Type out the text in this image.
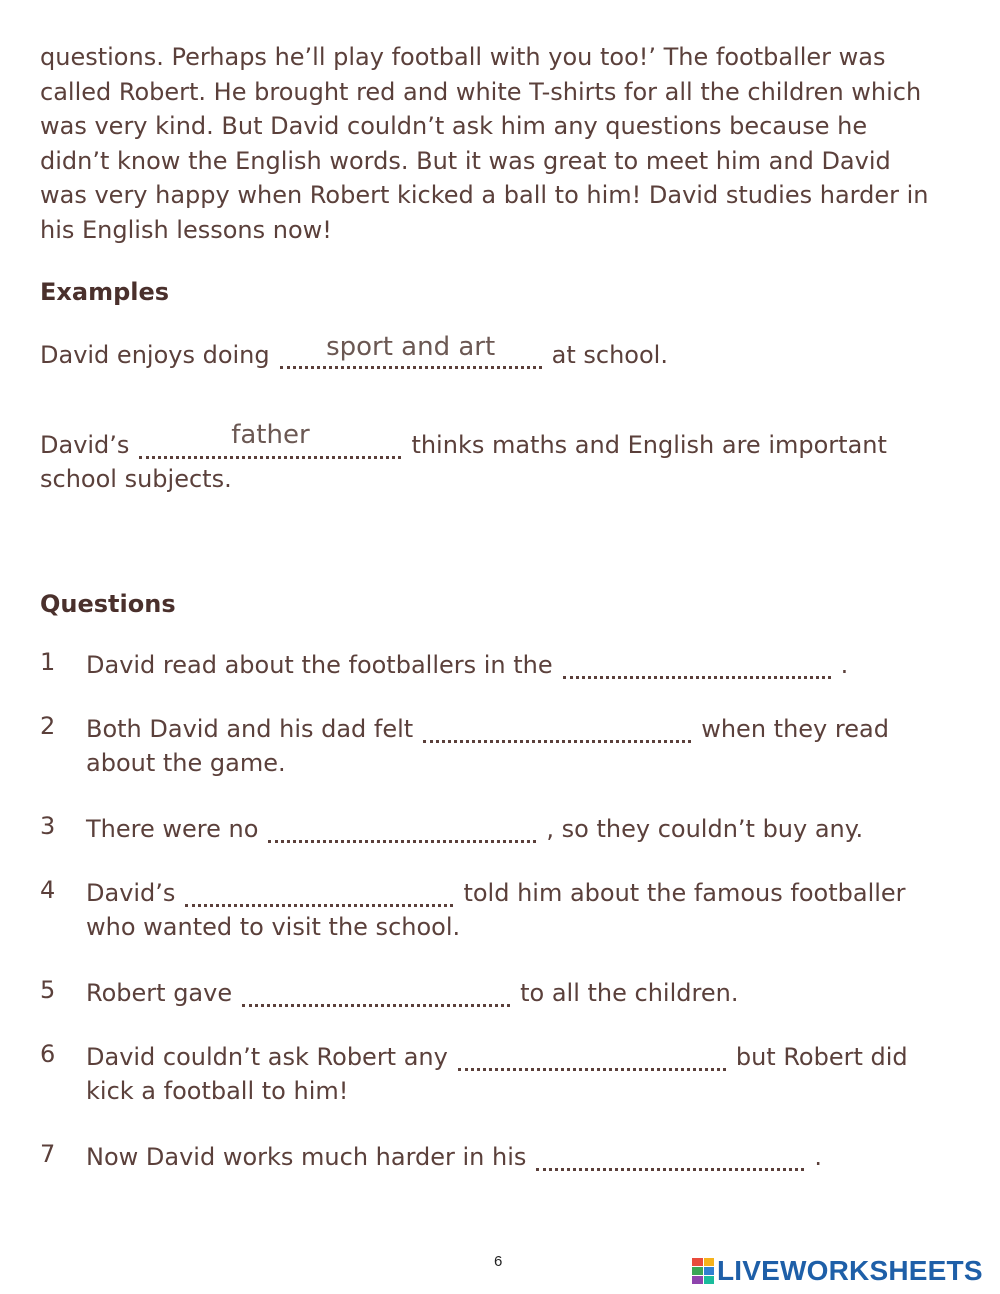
questions. Perhaps he’ll play football with you too!’ The footballer was
called Robert. He brought red and white T-shirts for all the children which
was very kind. But David couldn’t ask him any questions because he
didn’t know the English words. But it was great to meet him and David
was very happy when Robert kicked a ball to him! David studies harder in
his English lessons now!
Examples
David enjoys doing	sport and art	at school.
David’s	father	thinks maths and English are important
school subjects.
Questions
1 David read about the footballers in the	.
2 Both David and his dad felt	when they read
about the game.
3 There were no	, so they couldn’t buy any.
4 David’s	told him about the famous footballer
who wanted to visit the school.
5 Robert gave	to all the children.
6 David couldn’t ask Robert any	but Robert did
kick a football to him!
7 Now David works much harder in his	.
6	LIVEWORKSHEETS
